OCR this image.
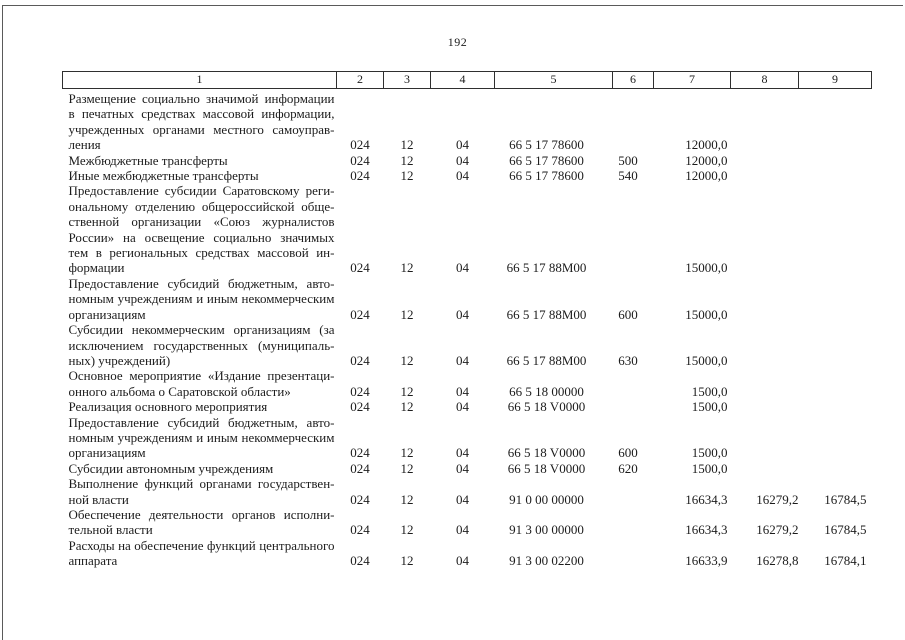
192
1	2	3	4	5	6	7	8	9
Размещение социально значимой информации в печатных средствах массовой информации, учрежденных органами местного самоуправления	024	12	04	66 5 17 78600		12000,0		
Межбюджетные трансферты	024	12	04	66 5 17 78600	500	12000,0		
Иные межбюджетные трансферты	024	12	04	66 5 17 78600	540	12000,0		
Предоставление субсидии Саратовскому региональному отделению общероссийской общественной организации «Союз журналистов России» на освещение социально значимых тем в региональных средствах массовой информации	024	12	04	66 5 17 88M00		15000,0		
Предоставление субсидий бюджетным, автономным учреждениям и иным некоммерческим организациям	024	12	04	66 5 17 88M00	600	15000,0		
Субсидии некоммерческим организациям (за исключением государственных (муниципальных) учреждений)	024	12	04	66 5 17 88M00	630	15000,0		
Основное мероприятие «Издание презентационного альбома о Саратовской области»	024	12	04	66 5 18 00000		1500,0		
Реализация основного мероприятия	024	12	04	66 5 18 V0000		1500,0		
Предоставление субсидий бюджетным, автономным учреждениям и иным некоммерческим организациям	024	12	04	66 5 18 V0000	600	1500,0		
Субсидии автономным учреждениям	024	12	04	66 5 18 V0000	620	1500,0		
Выполнение функций органами государственной власти	024	12	04	91 0 00 00000		16634,3	16279,2	16784,5
Обеспечение деятельности органов исполнительной власти	024	12	04	91 3 00 00000		16634,3	16279,2	16784,5
Расходы на обеспечение функций центрального аппарата	024	12	04	91 3 00 02200		16633,9	16278,8	16784,1
